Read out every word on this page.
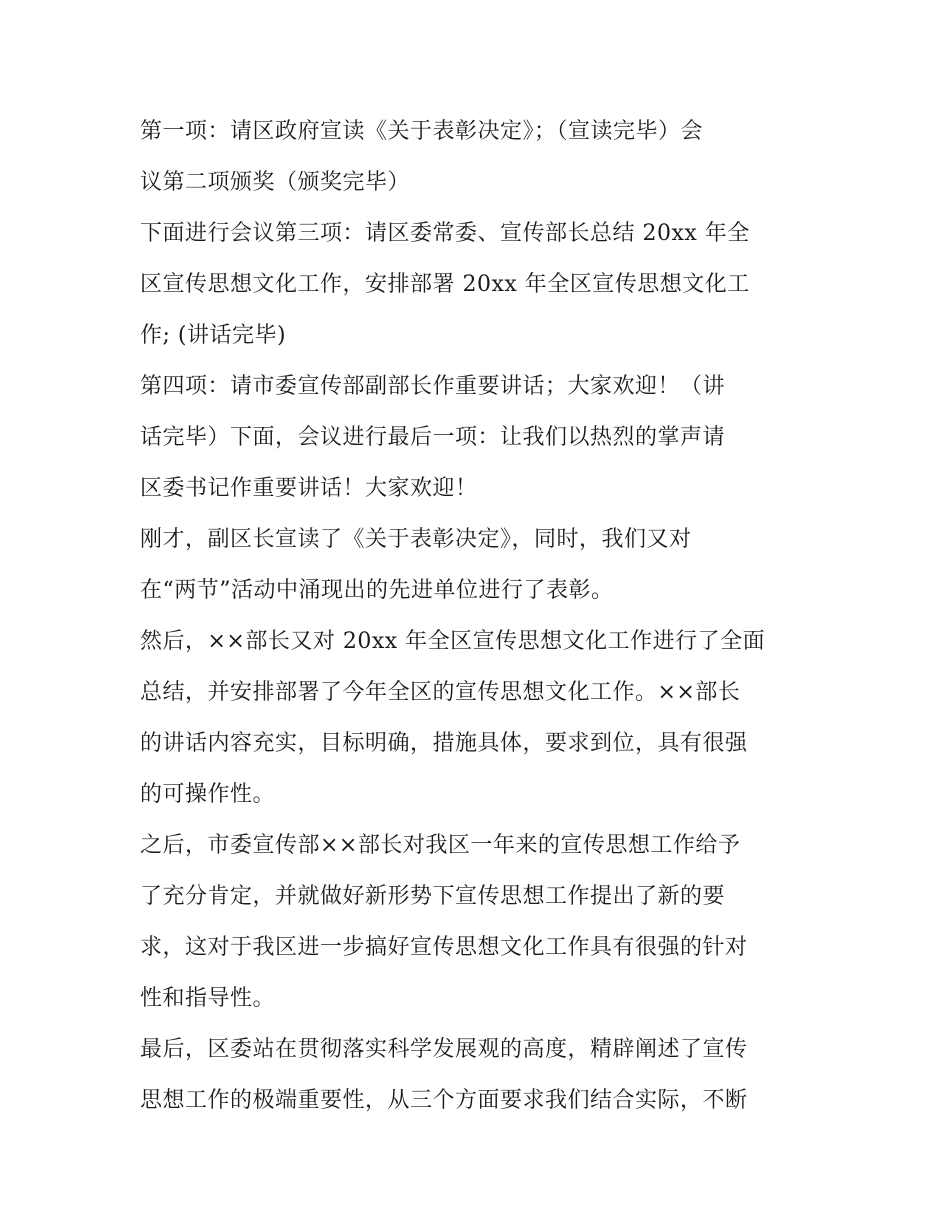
第一项：请区政府宣读《关于表彰决定》；（宣读完毕）会
议第二项颁奖（颁奖完毕）
下面进行会议第三项：请区委常委、宣传部长总结 20xx 年全
区宣传思想文化工作，安排部署 20xx 年全区宣传思想文化工
作; (讲话完毕)
第四项：请市委宣传部副部长作重要讲话；大家欢迎！（讲
话完毕）下面，会议进行最后一项：让我们以热烈的掌声请
区委书记作重要讲话！大家欢迎！
刚才，副区长宣读了《关于表彰决定》，同时，我们又对
在“两节”活动中涌现出的先进单位进行了表彰。
然后，××部长又对 20xx 年全区宣传思想文化工作进行了全面
总结，并安排部署了今年全区的宣传思想文化工作。××部长
的讲话内容充实，目标明确，措施具体，要求到位，具有很强
的可操作性。
之后，市委宣传部××部长对我区一年来的宣传思想工作给予
了充分肯定，并就做好新形势下宣传思想工作提出了新的要
求，这对于我区进一步搞好宣传思想文化工作具有很强的针对
性和指导性。
最后，区委站在贯彻落实科学发展观的高度，精辟阐述了宣传
思想工作的极端重要性，从三个方面要求我们结合实际，不断
